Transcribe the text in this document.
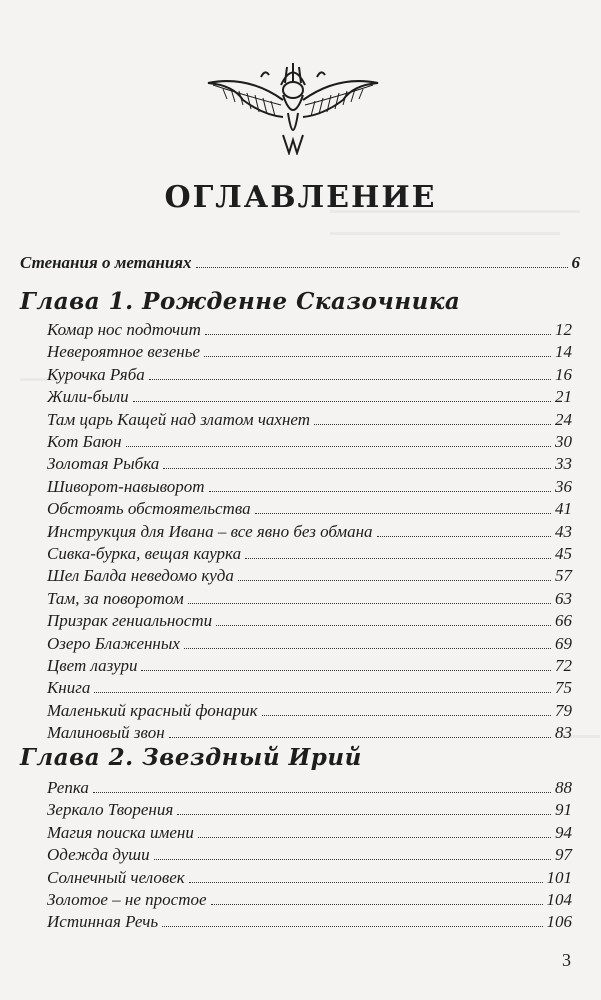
ОГЛАВЛЕНИЕ
Стенания о метаниях	6
Глава 1. Рожденне Сказочника
Комар нос подточит	12
Невероятное везенье	14
Курочка Ряба	16
Жили-были	21
Там царь Кащей над златом чахнет	24
Кот Баюн	30
Золотая Рыбка	33
Шиворот-навыворот	36
Обстоять обстоятельства	41
Инструкция для Ивана – все явно без обмана	43
Сивка-бурка, вещая каурка	45
Шел Балда неведомо куда	57
Там, за поворотом	63
Призрак гениальности	66
Озеро Блаженных	69
Цвет лазури	72
Книга	75
Маленький красный фонарик	79
Малиновый звон	83
Глава 2. Звездный Ирий
Репка	88
Зеркало Творения	91
Магия поиска имени	94
Одежда души	97
Солнечный человек	101
Золотое – не простое	104
Истинная Речь	106
3
